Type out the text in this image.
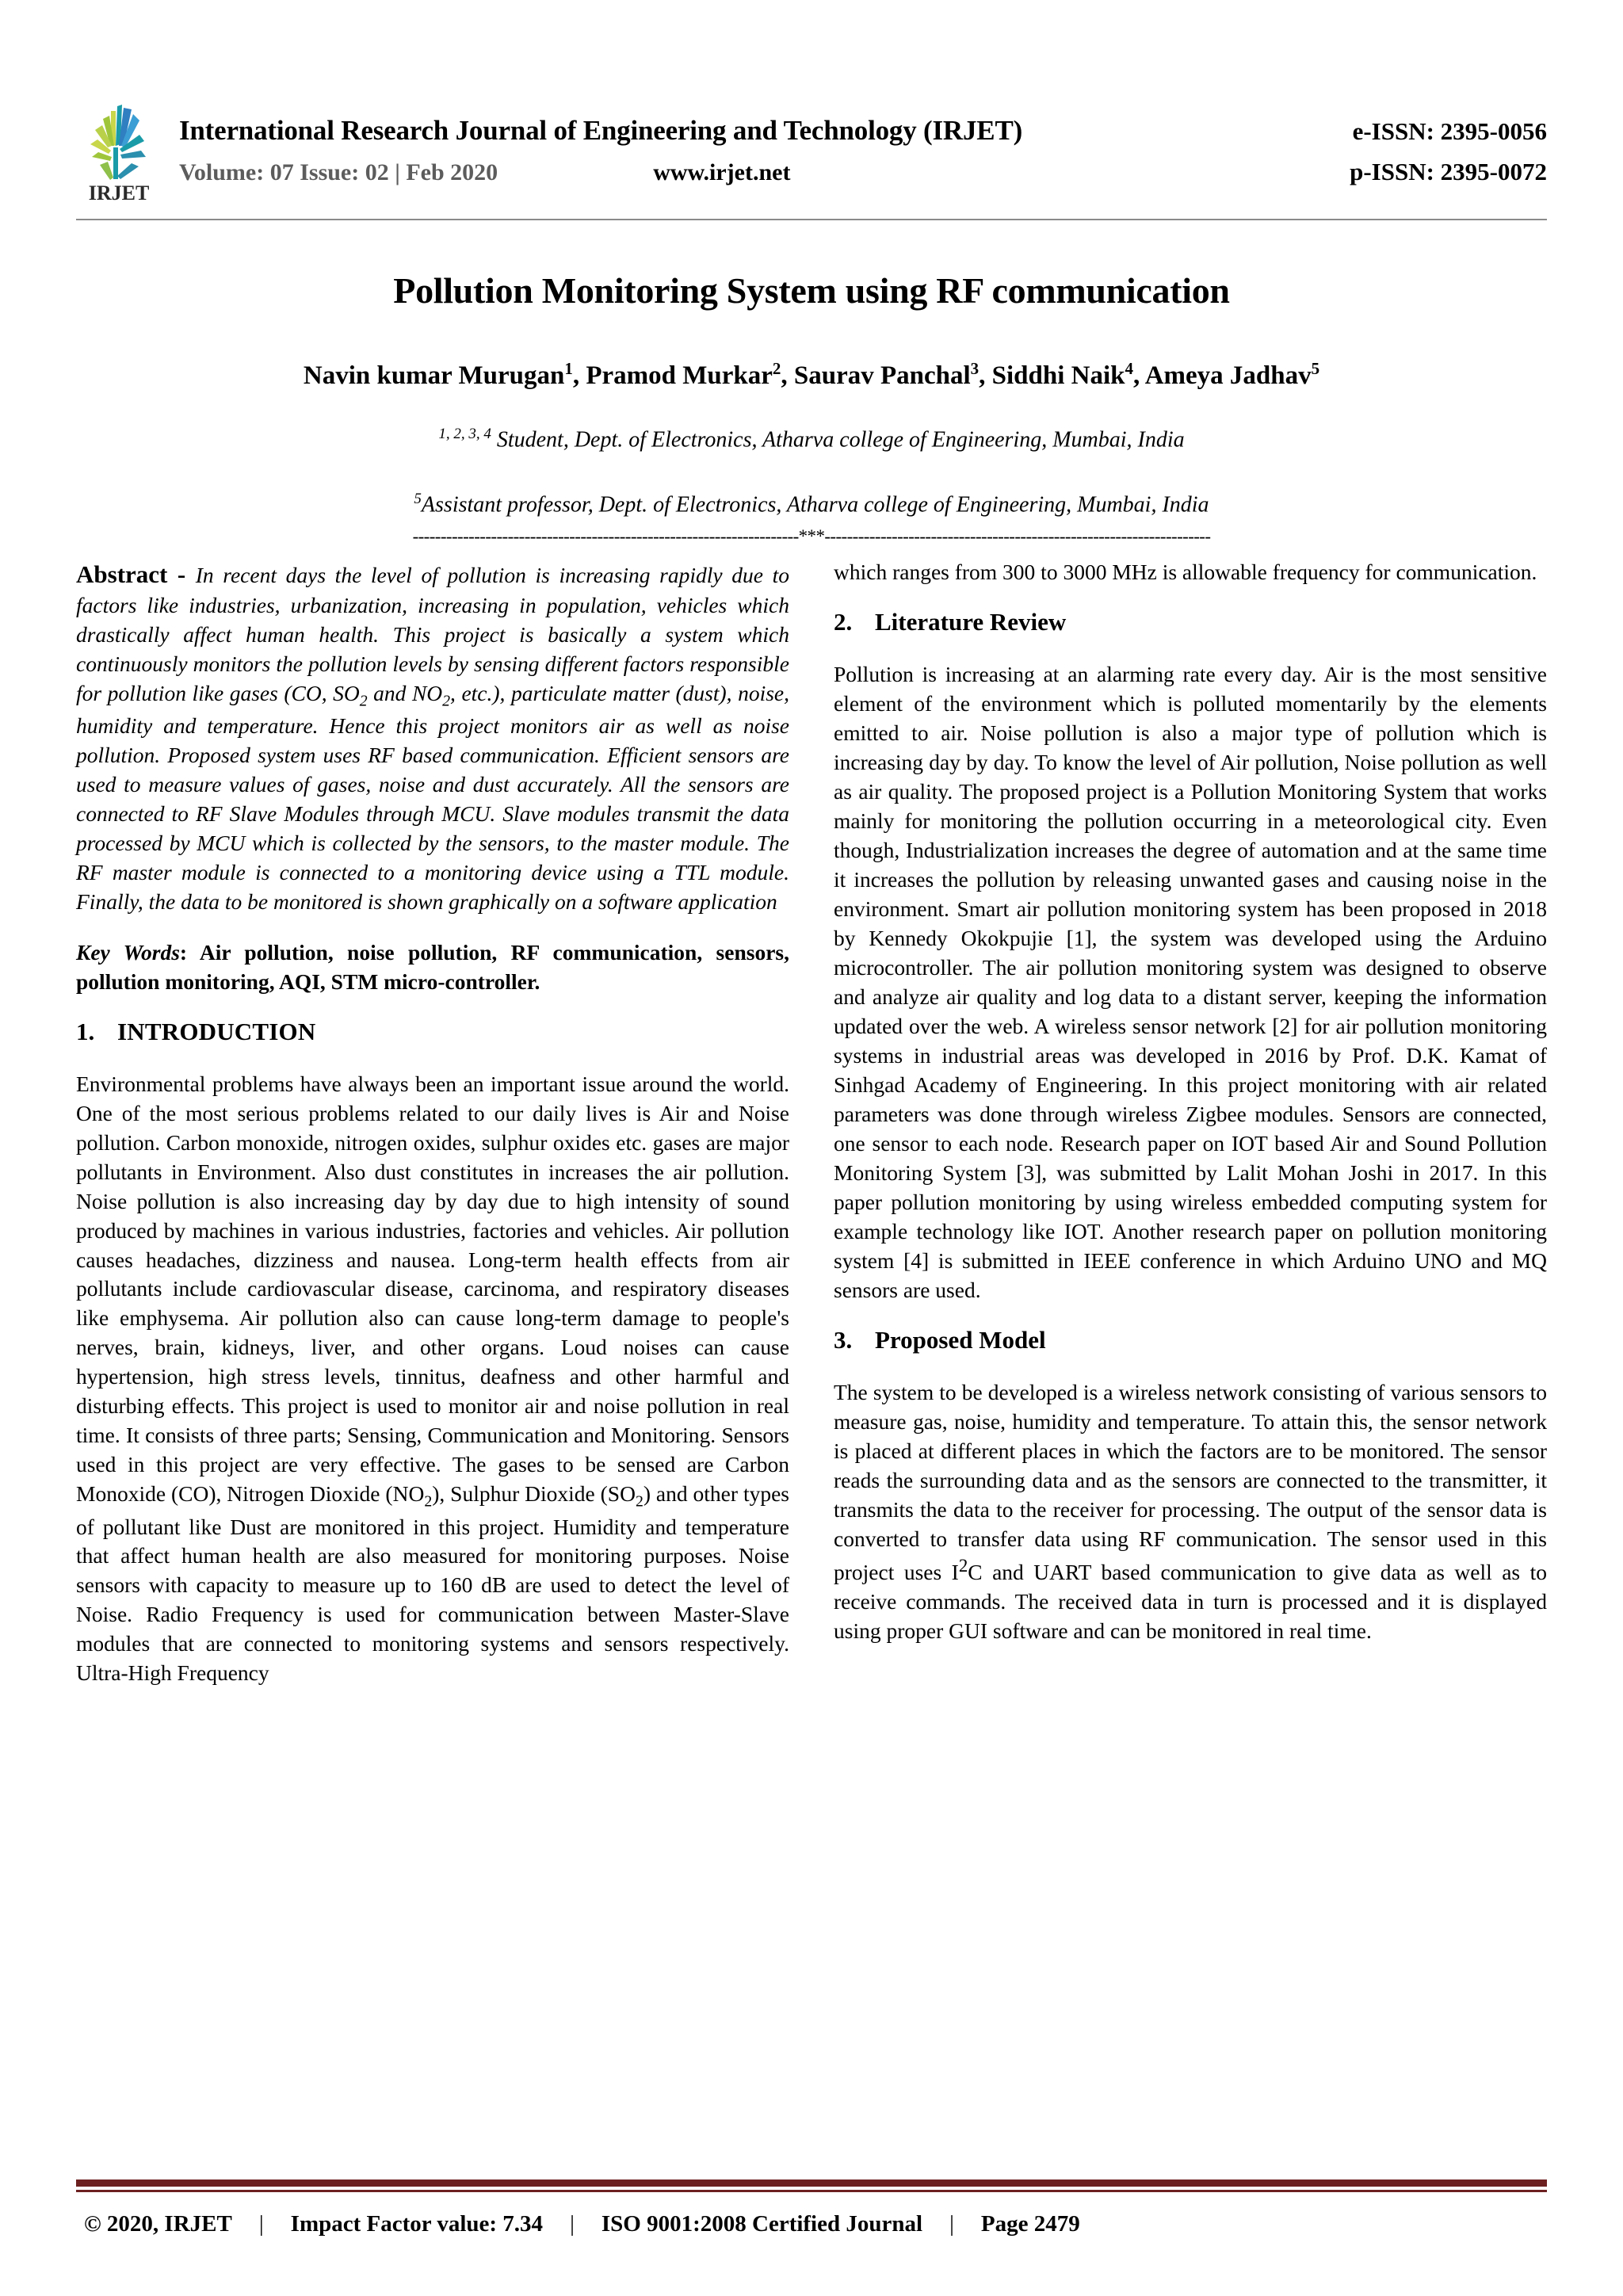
IRJET
International Research Journal of Engineering and Technology (IRJET)	e-ISSN: 2395-0056
Volume: 07 Issue: 02 | Feb 2020	www.irjet.net	p-ISSN: 2395-0072
Pollution Monitoring System using RF communication
Navin kumar Murugan$^1$, Pramod Murkar$^2$, Saurav Panchal$^3$, Siddhi Naik$^4$, Ameya Jadhav$^5$
$^{1, 2, 3, 4}$ Student, Dept. of Electronics, Atharva college of Engineering, Mumbai, India
$^5$Assistant professor, Dept. of Electronics, Atharva college of Engineering, Mumbai, India
---------------------------------------------------------------------***---------------------------------------------------------------------

Abstract - In recent days the level of pollution is increasing rapidly due to factors like industries, urbanization, increasing in population, vehicles which drastically affect human health. This project is basically a system which continuously monitors the pollution levels by sensing different factors responsible for pollution like gases (CO, $SO_2$ and $NO_2$, etc.), particulate matter (dust), noise, humidity and temperature. Hence this project monitors air as well as noise pollution. Proposed system uses RF based communication. Efficient sensors are used to measure values of gases, noise and dust accurately. All the sensors are connected to RF Slave Modules through MCU. Slave modules transmit the data processed by MCU which is collected by the sensors, to the master module. The RF master module is connected to a monitoring device using a TTL module. Finally, the data to be monitored is shown graphically on a software application

Key Words: Air pollution, noise pollution, RF communication, sensors, pollution monitoring, AQI, STM micro-controller.

1. INTRODUCTION

Environmental problems have always been an important issue around the world. One of the most serious problems related to our daily lives is Air and Noise pollution. Carbon monoxide, nitrogen oxides, sulphur oxides etc. gases are major pollutants in Environment. Also dust constitutes in increases the air pollution. Noise pollution is also increasing day by day due to high intensity of sound produced by machines in various industries, factories and vehicles. Air pollution causes headaches, dizziness and nausea. Long-term health effects from air pollutants include cardiovascular disease, carcinoma, and respiratory diseases like emphysema. Air pollution also can cause long-term damage to people's nerves, brain, kidneys, liver, and other organs. Loud noises can cause hypertension, high stress levels, tinnitus, deafness and other harmful and disturbing effects. This project is used to monitor air and noise pollution in real time. It consists of three parts; Sensing, Communication and Monitoring. Sensors used in this project are very effective. The gases to be sensed are Carbon Monoxide (CO), Nitrogen Dioxide $(NO_2)$, Sulphur Dioxide $(SO_2)$ and other types of pollutant like Dust are monitored in this project. Humidity and temperature that affect human health are also measured for monitoring purposes. Noise sensors with capacity to measure up to 160 dB are used to detect the level of Noise. Radio Frequency is used for communication between Master-Slave modules that are connected to monitoring systems and sensors respectively. Ultra-High Frequency

which ranges from 300 to 3000 MHz is allowable frequency for communication.

2. Literature Review

Pollution is increasing at an alarming rate every day. Air is the most sensitive element of the environment which is polluted momentarily by the elements emitted to air. Noise pollution is also a major type of pollution which is increasing day by day. To know the level of Air pollution, Noise pollution as well as air quality. The proposed project is a Pollution Monitoring System that works mainly for monitoring the pollution occurring in a meteorological city. Even though, Industrialization increases the degree of automation and at the same time it increases the pollution by releasing unwanted gases and causing noise in the environment. Smart air pollution monitoring system has been proposed in 2018 by Kennedy Okokpujie [1], the system was developed using the Arduino microcontroller. The air pollution monitoring system was designed to observe and analyze air quality and log data to a distant server, keeping the information updated over the web. A wireless sensor network [2] for air pollution monitoring systems in industrial areas was developed in 2016 by Prof. D.K. Kamat of Sinhgad Academy of Engineering. In this project monitoring with air related parameters was done through wireless Zigbee modules. Sensors are connected, one sensor to each node. Research paper on IOT based Air and Sound Pollution Monitoring System [3], was submitted by Lalit Mohan Joshi in 2017. In this paper pollution monitoring by using wireless embedded computing system for example technology like IOT. Another research paper on pollution monitoring system [4] is submitted in IEEE conference in which Arduino UNO and MQ sensors are used.

3. Proposed Model

The system to be developed is a wireless network consisting of various sensors to measure gas, noise, humidity and temperature. To attain this, the sensor network is placed at different places in which the factors are to be monitored. The sensor reads the surrounding data and as the sensors are connected to the transmitter, it transmits the data to the receiver for processing. The output of the sensor data is converted to transfer data using RF communication. The sensor used in this project uses $I^2C$ and UART based communication to give data as well as to receive commands. The received data in turn is processed and it is displayed using proper GUI software and can be monitored in real time.

© 2020, IRJET | Impact Factor value: 7.34 | ISO 9001:2008 Certified Journal | Page 2479
